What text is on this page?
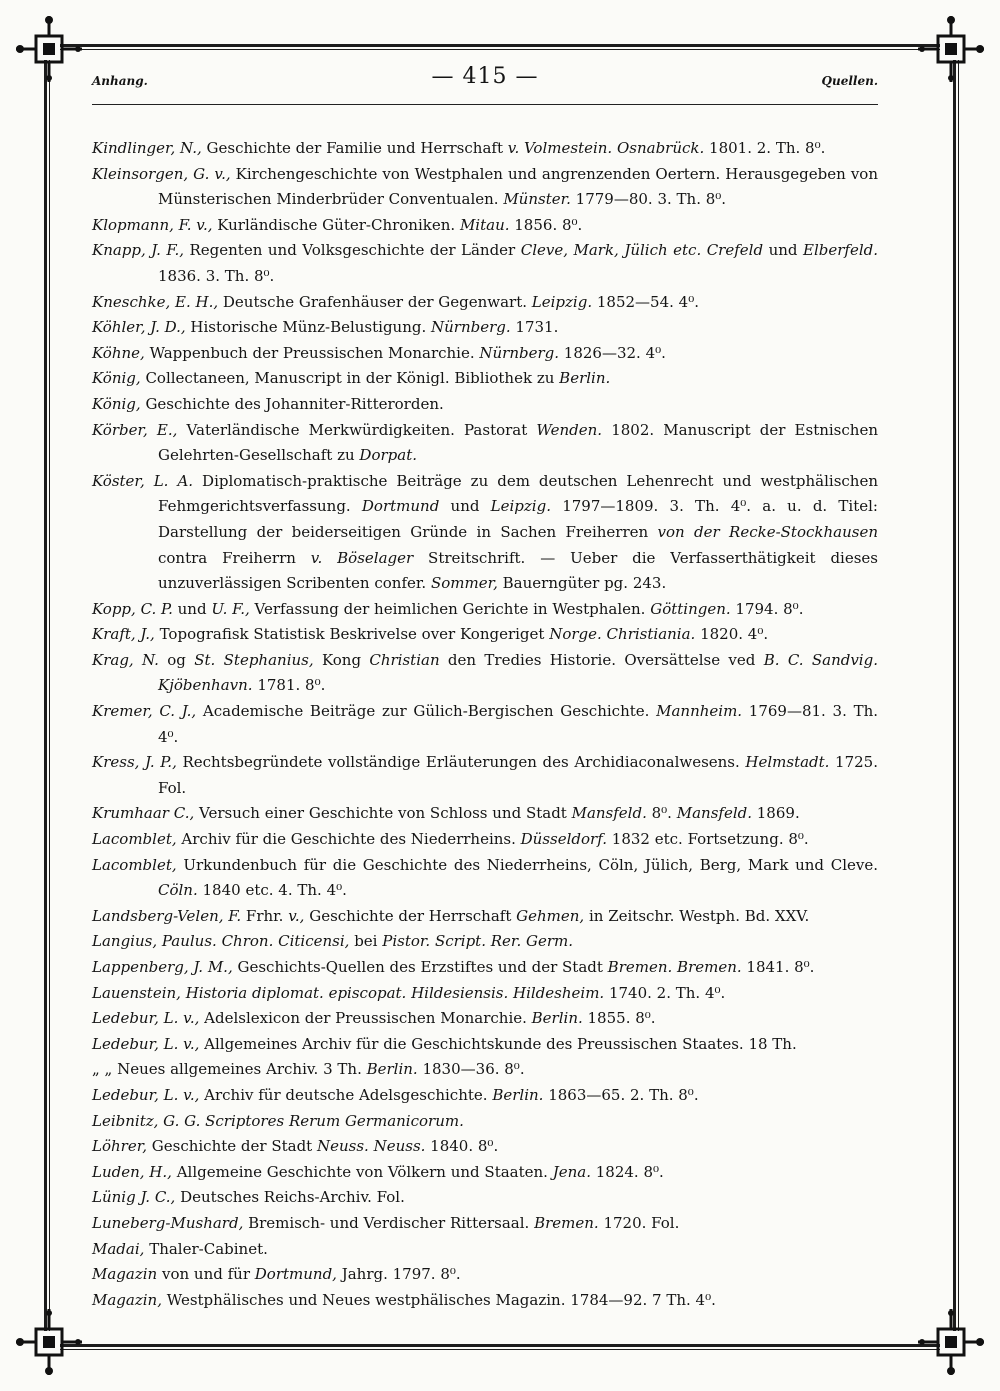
Anhang.	— 415 —	Quellen.
Kindlinger, N., Geschichte der Familie und Herrschaft v. Volmestein. Osnabrück. 1801. 2. Th. 8⁰.
Kleinsorgen, G. v., Kirchengeschichte von Westphalen und angrenzenden Oertern. Herausgegeben von Münsterischen Minderbrüder Conventualen. Münster. 1779—80. 3. Th. 8⁰.
Klopmann, F. v., Kurländische Güter-Chroniken. Mitau. 1856. 8⁰.
Knapp, J. F., Regenten und Volksgeschichte der Länder Cleve, Mark, Jülich etc. Crefeld und Elberfeld. 1836. 3. Th. 8⁰.
Kneschke, E. H., Deutsche Grafenhäuser der Gegenwart. Leipzig. 1852—54. 4⁰.
Köhler, J. D., Historische Münz-Belustigung. Nürnberg. 1731.
Köhne, Wappenbuch der Preussischen Monarchie. Nürnberg. 1826—32. 4⁰.
König, Collectaneen, Manuscript in der Königl. Bibliothek zu Berlin.
König, Geschichte des Johanniter-Ritterorden.
Körber, E., Vaterländische Merkwürdigkeiten. Pastorat Wenden. 1802. Manuscript der Estnischen Gelehrten-Gesellschaft zu Dorpat.
Köster, L. A. Diplomatisch-praktische Beiträge zu dem deutschen Lehenrecht und westphälischen Fehmgerichtsverfassung. Dortmund und Leipzig. 1797—1809. 3. Th. 4⁰. a. u. d. Titel: Darstellung der beiderseitigen Gründe in Sachen Freiherren von der Recke-Stockhausen contra Freiherrn v. Böselager Streitschrift. — Ueber die Verfasserthätigkeit dieses unzuverlässigen Scribenten confer. Sommer, Bauerngüter pg. 243.
Kopp, C. P. und U. F., Verfassung der heimlichen Gerichte in Westphalen. Göttingen. 1794. 8⁰.
Kraft, J., Topografisk Statistisk Beskrivelse over Kongeriget Norge. Christiania. 1820. 4⁰.
Krag, N. og St. Stephanius, Kong Christian den Tredies Historie. Oversättelse ved B. C. Sandvig. Kjöbenhavn. 1781. 8⁰.
Kremer, C. J., Academische Beiträge zur Gülich-Bergischen Geschichte. Mannheim. 1769—81. 3. Th. 4⁰.
Kress, J. P., Rechtsbegründete vollständige Erläuterungen des Archidiaconalwesens. Helmstadt. 1725. Fol.
Krumhaar C., Versuch einer Geschichte von Schloss und Stadt Mansfeld. 8⁰. Mansfeld. 1869.
Lacomblet, Archiv für die Geschichte des Niederrheins. Düsseldorf. 1832 etc. Fortsetzung. 8⁰.
Lacomblet, Urkundenbuch für die Geschichte des Niederrheins, Cöln, Jülich, Berg, Mark und Cleve. Cöln. 1840 etc. 4. Th. 4⁰.
Landsberg-Velen, F. Frhr. v., Geschichte der Herrschaft Gehmen, in Zeitschr. Westph. Bd. XXV.
Langius, Paulus. Chron. Citicensi, bei Pistor. Script. Rer. Germ.
Lappenberg, J. M., Geschichts-Quellen des Erzstiftes und der Stadt Bremen. Bremen. 1841. 8⁰.
Lauenstein, Historia diplomat. episcopat. Hildesiensis. Hildesheim. 1740. 2. Th. 4⁰.
Ledebur, L. v., Adelslexicon der Preussischen Monarchie. Berlin. 1855. 8⁰.
Ledebur, L. v., Allgemeines Archiv für die Geschichtskunde des Preussischen Staates. 18 Th.
„ „ Neues allgemeines Archiv. 3 Th. Berlin. 1830—36. 8⁰.
Ledebur, L. v., Archiv für deutsche Adelsgeschichte. Berlin. 1863—65. 2. Th. 8⁰.
Leibnitz, G. G. Scriptores Rerum Germanicorum.
Löhrer, Geschichte der Stadt Neuss. Neuss. 1840. 8⁰.
Luden, H., Allgemeine Geschichte von Völkern und Staaten. Jena. 1824. 8⁰.
Lünig J. C., Deutsches Reichs-Archiv. Fol.
Luneberg-Mushard, Bremisch- und Verdischer Rittersaal. Bremen. 1720. Fol.
Madai, Thaler-Cabinet.
Magazin von und für Dortmund, Jahrg. 1797. 8⁰.
Magazin, Westphälisches und Neues westphälisches Magazin. 1784—92. 7 Th. 4⁰.
